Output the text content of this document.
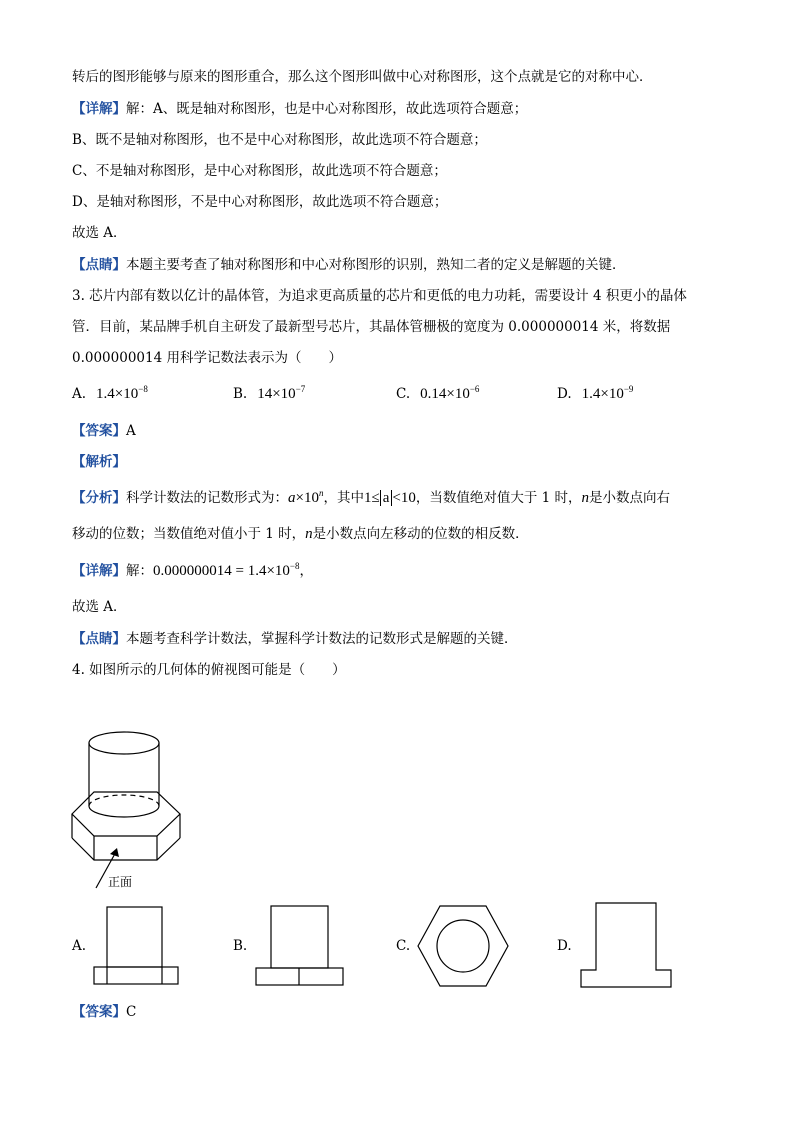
转后的图形能够与原来的图形重合，那么这个图形叫做中心对称图形，这个点就是它的对称中心．
【详解】解：A、既是轴对称图形，也是中心对称图形，故此选项符合题意；
B、既不是轴对称图形，也不是中心对称图形，故此选项不符合题意；
C、不是轴对称图形，是中心对称图形，故此选项不符合题意；
D、是轴对称图形，不是中心对称图形，故此选项不符合题意；
故选 A．
【点睛】本题主要考查了轴对称图形和中心对称图形的识别，熟知二者的定义是解题的关键．
3. 芯片内部有数以亿计的晶体管，为追求更高质量的芯片和更低的电力功耗，需要设计 4 积更小的晶体
管．目前，某品牌手机自主研发了最新型号芯片，其晶体管栅极的宽度为 0.000000014 米，将数据
0.000000014 用科学记数法表示为（　　）
A. $1.4\times 10^{-8}$	B. $14\times 10^{-7}$	C. $0.14\times 10^{-6}$	D. $1.4\times 10^{-9}$
【答案】A
【解析】
【分析】科学计数法的记数形式为：$a\times 10^n$，其中1≤ a <10，当数值绝对值大于 1 时，n是小数点向右
移动的位数；当数值绝对值小于 1 时，n是小数点向左移动的位数的相反数．
【详解】解：$0.000000014 = 1.4\times 10^{-8}$，
故选 A．
【点睛】本题考查科学计数法，掌握科学计数法的记数形式是解题的关键．
4. 如图所示的几何体的俯视图可能是（　　）
正面
A.	B.	C.	D.
【答案】C
